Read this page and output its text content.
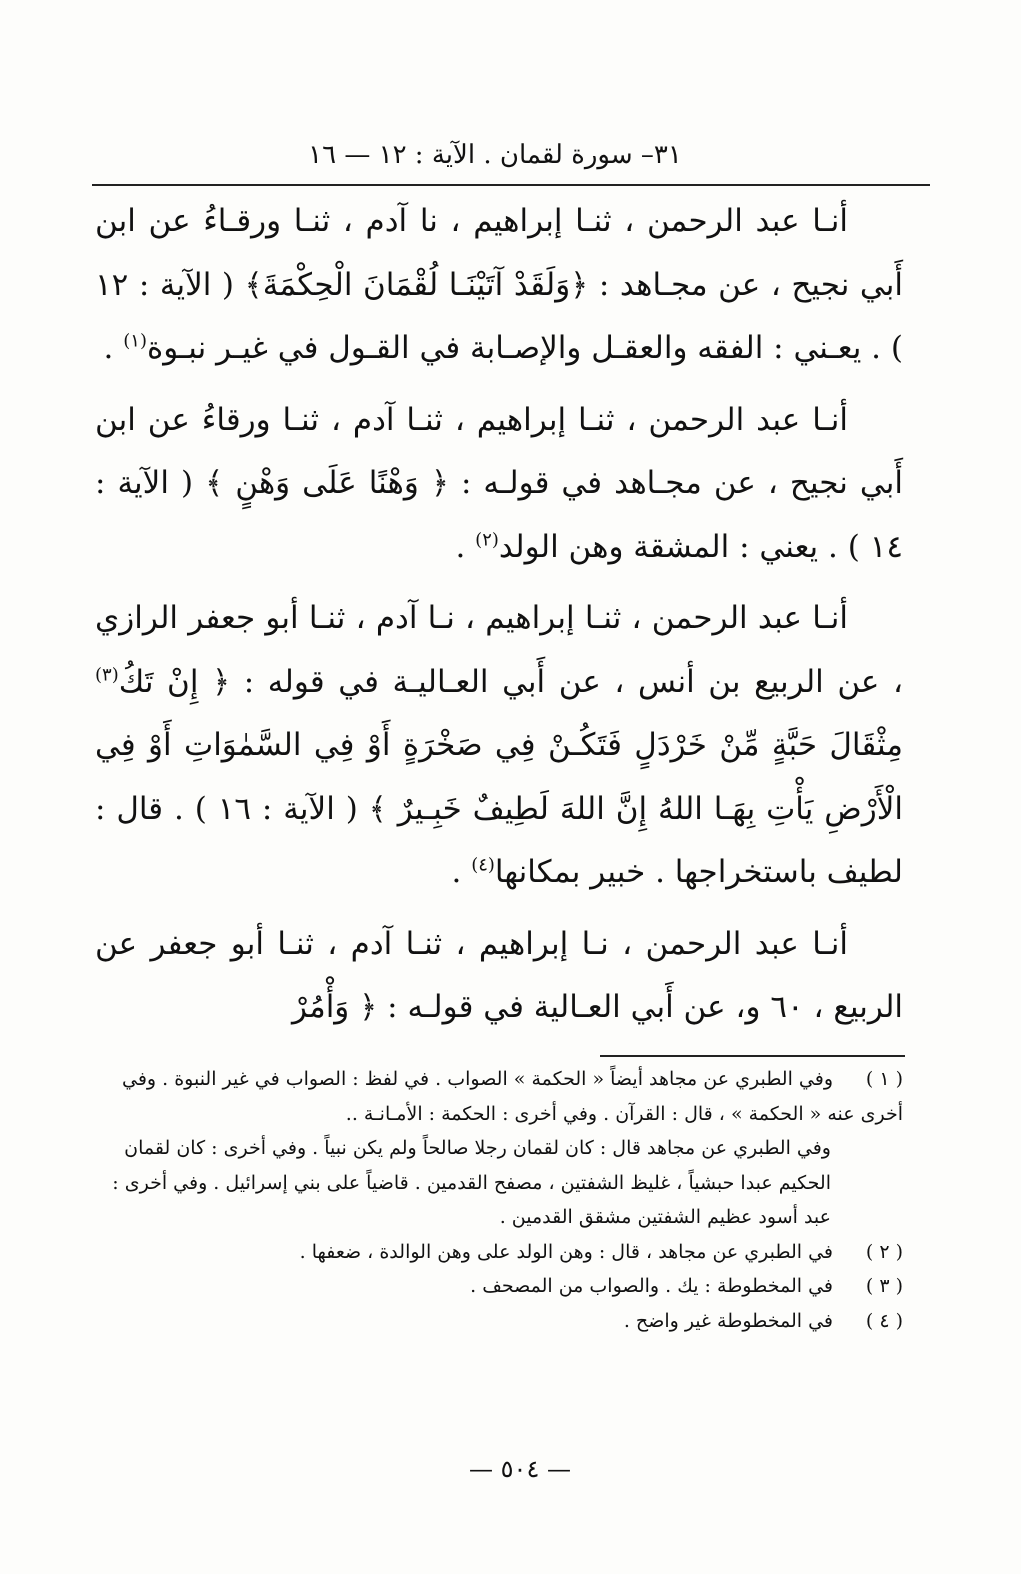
٣١– سورة لقمان . الآية : ١٢ — ١٦

أنـا عبد الرحمن ، ثنـا إبراهيم ، نا آدم ، ثنـا ورقـاءُ عن ابن أَبي نجيح ، عن مجـاهد : ﴿وَلَقَدْ آتَيْنَـا لُقْمَانَ الْحِكْمَةَ﴾ ( الآية : ١٢ ) . يعـني : الفقه والعقـل والإصـابة في القـول في غيـر نبـوة$^{(١)}$ .

أنـا عبد الرحمن ، ثنـا إبراهيم ، ثنـا آدم ، ثنـا ورقاءُ عن ابن أَبي نجيح ، عن مجـاهد في قولـه : ﴿ وَهْنًا عَلَى وَهْنٍ ﴾ ( الآية : ١٤ ) . يعني : المشقة وهن الولد$^{(٢)}$ .

أنـا عبد الرحمن ، ثنـا إبراهيم ، نـا آدم ، ثنـا أبو جعفر الرازي ، عن الربيع بن أنس ، عن أَبي العـاليـة في قوله : ﴿ إِنْ تَكُ$^{(٣)}$ مِثْقَالَ حَبَّةٍ مِّنْ خَرْدَلٍ فَتَكُـنْ فِي صَخْرَةٍ أَوْ فِي السَّمٰوَاتِ أَوْ فِي الْأَرْضِ يَأْتِ بِهَـا اللهُ إِنَّ اللهَ لَطِيفٌ خَبِـيرٌ ﴾ ( الآية : ١٦ ) . قال : لطيف باستخراجها . خبير بمكانها$^{(٤)}$ .

أنـا عبد الرحمن ، نـا إبراهيم ، ثنـا آدم ، ثنـا أبو جعفر عن الربيع ، ٦٠ و، عن أَبي العـالية في قولـه : ﴿ وَأْمُرْ

( ١ )وفي الطبري عن مجاهد أيضاً « الحكمة » الصواب . في لفظ : الصواب في غير النبوة . وفي أخرى عنه « الحكمة » ، قال : القرآن . وفي أخرى : الحكمة : الأمـانـة ..

وفي الطبري عن مجاهد قال : كان لقمان رجلا صالحاً ولم يكن نبياً . وفي أخرى : كان لقمان الحكيم عبدا حبشياً ، غليظ الشفتين ، مصفح القدمين . قاضياً على بني إسرائيل . وفي أخرى : عبد أسود عظيم الشفتين مشقق القدمين .

( ٢ )في الطبري عن مجاهد ، قال : وهن الولد على وهن الوالدة ، ضعفها .

( ٣ )في المخطوطة : يك . والصواب من المصحف .

( ٤ )في المخطوطة غير واضح .

— ٥٠٤ —
